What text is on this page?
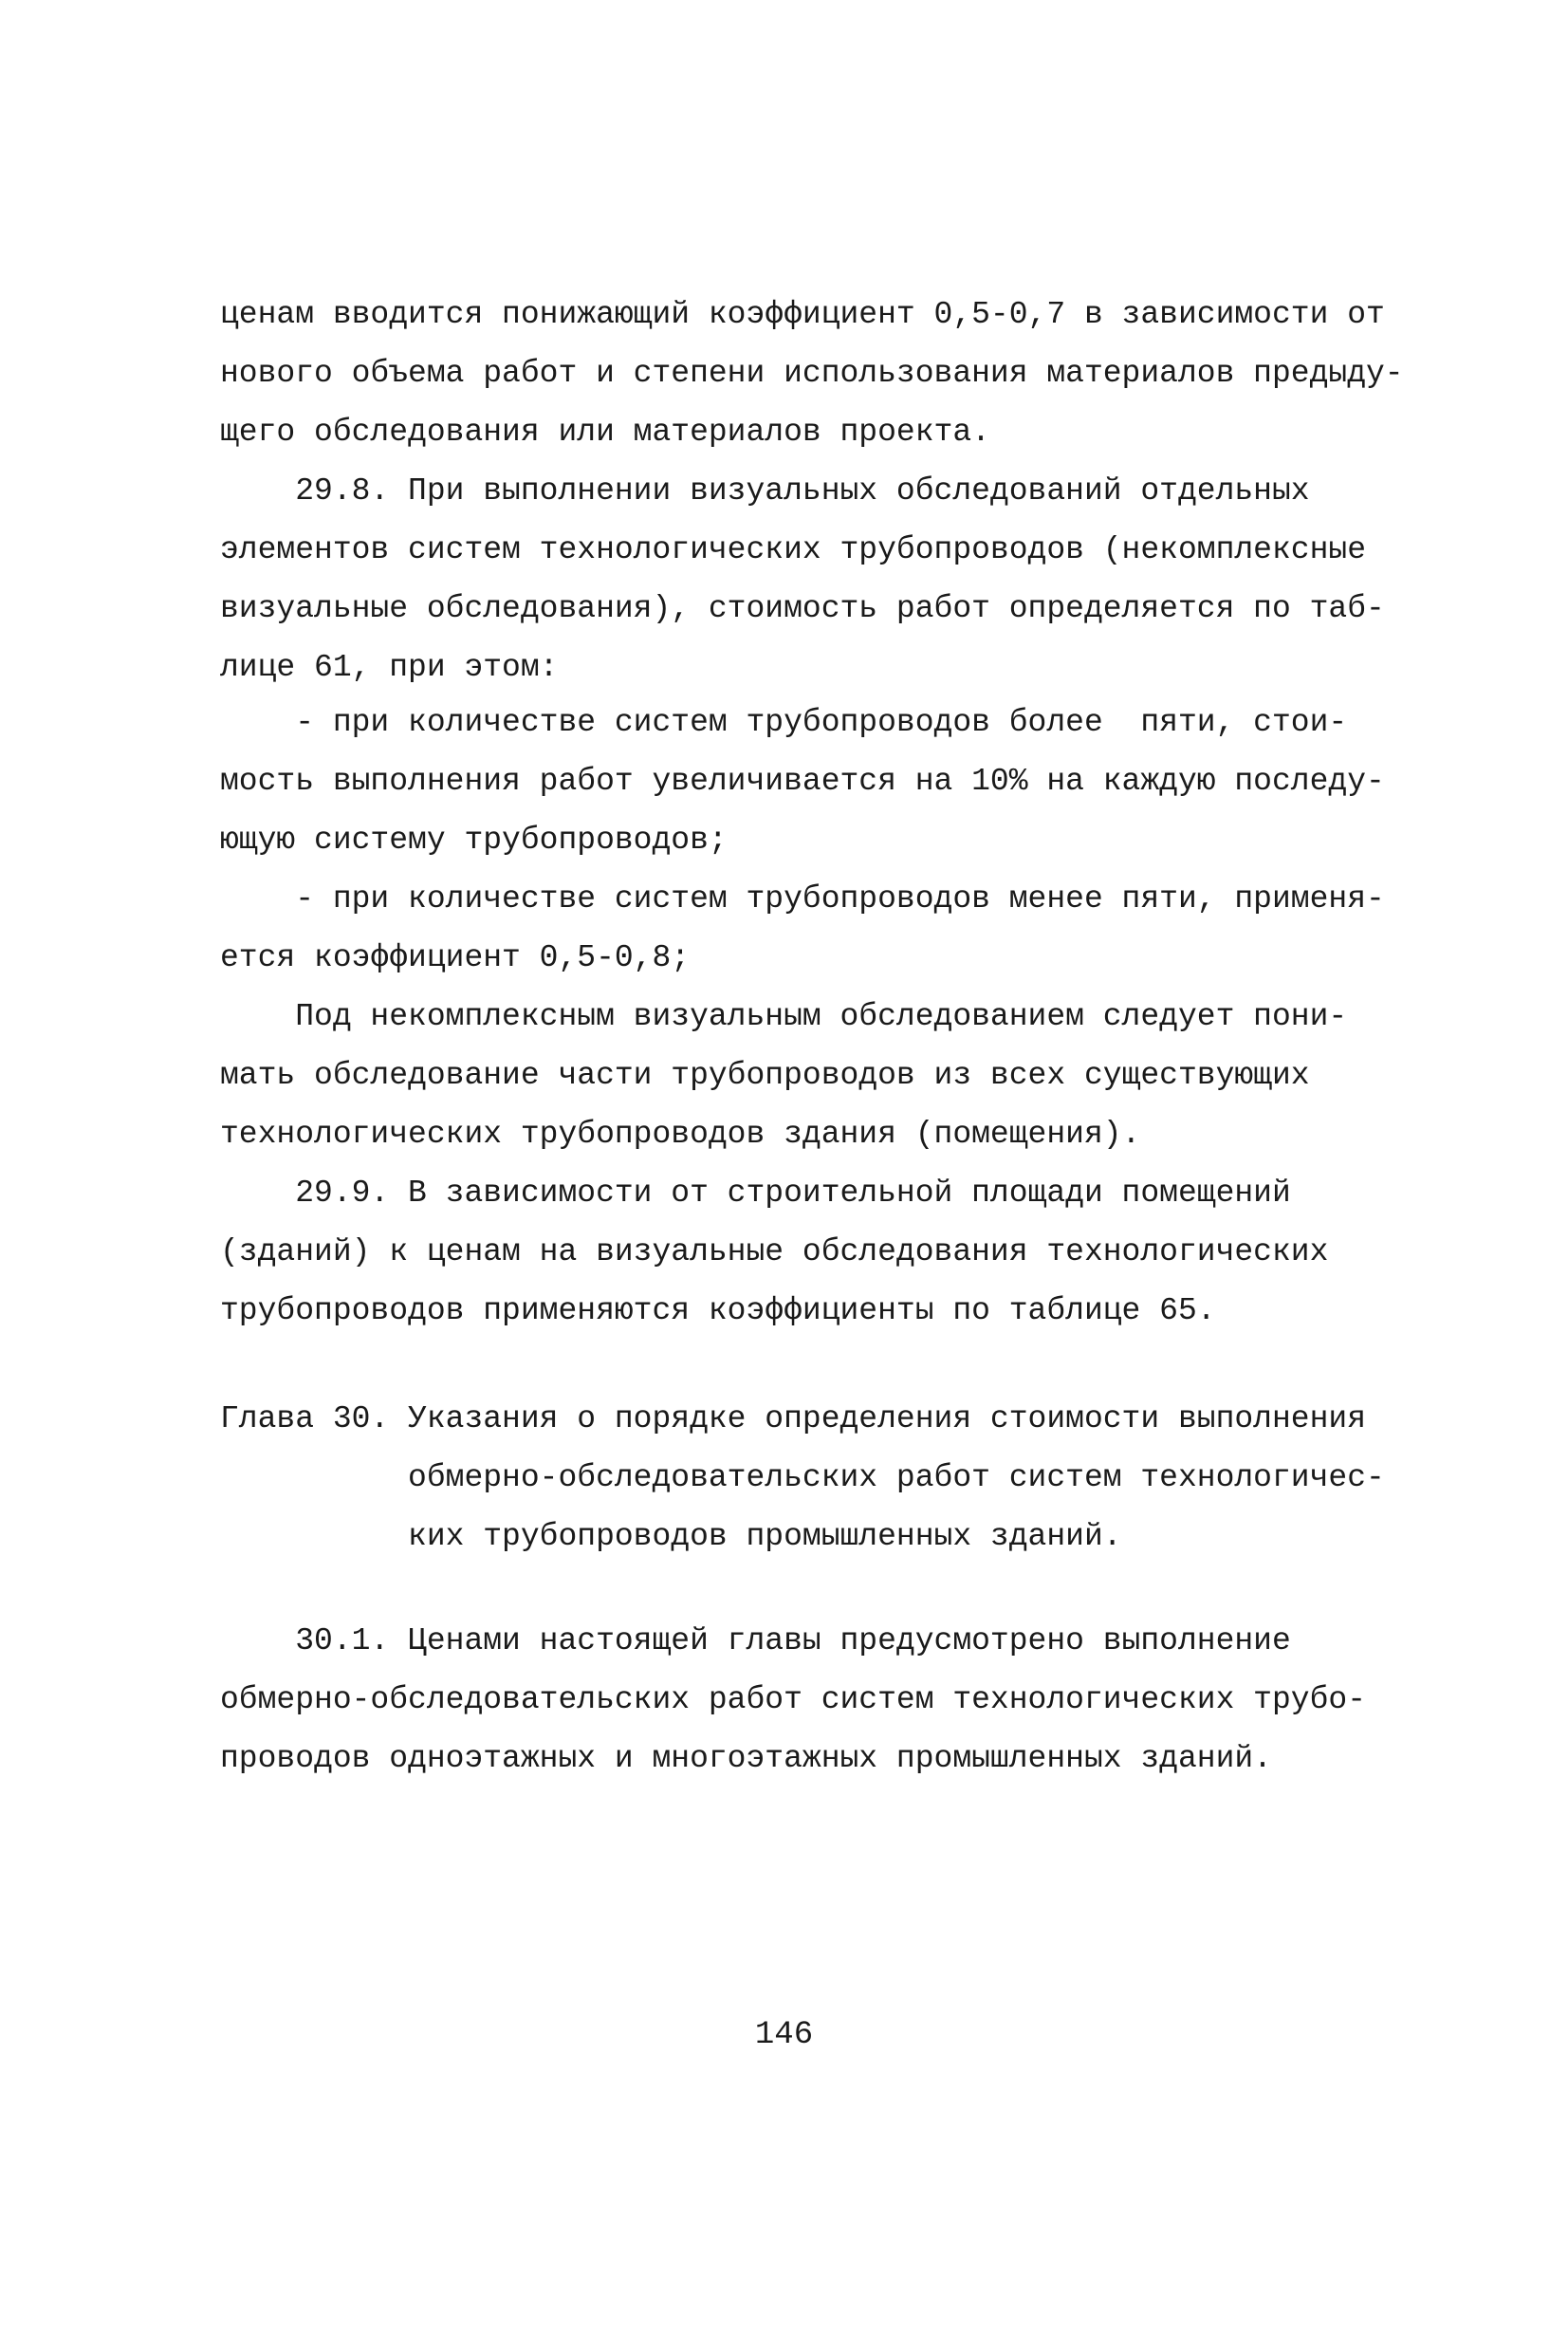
ценам вводится понижающий коэффициент 0,5-0,7 в зависимости от
нового объема работ и степени использования материалов предыду-
щего обследования или материалов проекта.
29.8. При выполнении визуальных обследований отдельных
элементов систем технологических трубопроводов (некомплексные
визуальные обследования), стоимость работ определяется по таб-
лице 61, при этом:
- при количестве систем трубопроводов более  пяти, стои-
мость выполнения работ увеличивается на 10% на каждую последу-
ющую систему трубопроводов;
- при количестве систем трубопроводов менее пяти, применя-
ется коэффициент 0,5-0,8;
Под некомплексным визуальным обследованием следует пони-
мать обследование части трубопроводов из всех существующих
технологических трубопроводов здания (помещения).
29.9. В зависимости от строительной площади помещений
(зданий) к ценам на визуальные обследования технологических
трубопроводов применяются коэффициенты по таблице 65.
Глава 30. Указания о порядке определения стоимости выполнения
обмерно-обследовательских работ систем технологичес-
ких трубопроводов промышленных зданий.
30.1. Ценами настоящей главы предусмотрено выполнение
обмерно-обследовательских работ систем технологических трубо-
проводов одноэтажных и многоэтажных промышленных зданий.
146
